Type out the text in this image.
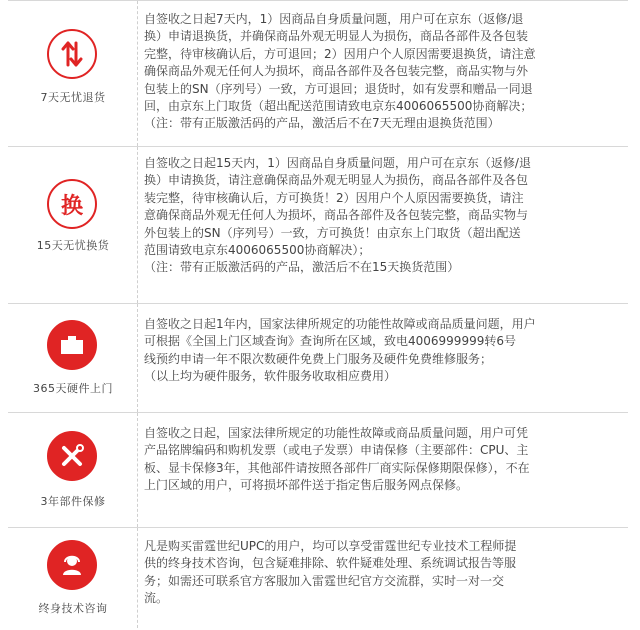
7天无忧退货

自签收之日起7天内，1）因商品自身质量问题，用户可在京东（返修/退

换）申请退换货，并确保商品外观无明显人为损伤，商品各部件及各包装

完整，待审核确认后，方可退回；2）因用户个人原因需要退换货，请注意

确保商品外观无任何人为损坏，商品各部件及各包装完整，商品实物与外

包装上的SN（序列号）一致，方可退回；退货时，如有发票和赠品一同退

回，由京东上门取货（超出配送范围请致电京东4006065500协商解决；

（注：带有正版激活码的产品，激活后不在7天无理由退换货范围）

换
15天无忧换货

自签收之日起15天内，1）因商品自身质量问题，用户可在京东（返修/退

换）申请换货，请注意确保商品外观无明显人为损伤，商品各部件及各包

装完整，待审核确认后，方可换货！2）因用户个人原因需要换货，请注

意确保商品外观无任何人为损坏，商品各部件及各包装完整，商品实物与

外包装上的SN（序列号）一致，方可换货！由京东上门取货（超出配送

范围请致电京东4006065500协商解决）；

（注：带有正版激活码的产品，激活后不在15天换货范围）

365天硬件上门

自签收之日起1年内，国家法律所规定的功能性故障或商品质量问题，用户

可根据《全国上门区域查询》查询所在区域，致电4006999999转6号

线预约申请一年不限次数硬件免费上门服务及硬件免费维修服务；

（以上均为硬件服务，软件服务收取相应费用）

3年部件保修

自签收之日起，国家法律所规定的功能性故障或商品质量问题，用户可凭

产品铭牌编码和购机发票（或电子发票）申请保修（主要部件：CPU、主

板、显卡保修3年，其他部件请按照各部件厂商实际保修期限保修），不在

上门区域的用户，可将损坏部件送于指定售后服务网点保修。

终身技术咨询

凡是购买雷霆世纪UPC的用户，均可以享受雷霆世纪专业技术工程师提

供的终身技术咨询，包含疑难排除、软件疑难处理、系统调试报告等服

务；如需还可联系官方客服加入雷霆世纪官方交流群，实时一对一交

流。
